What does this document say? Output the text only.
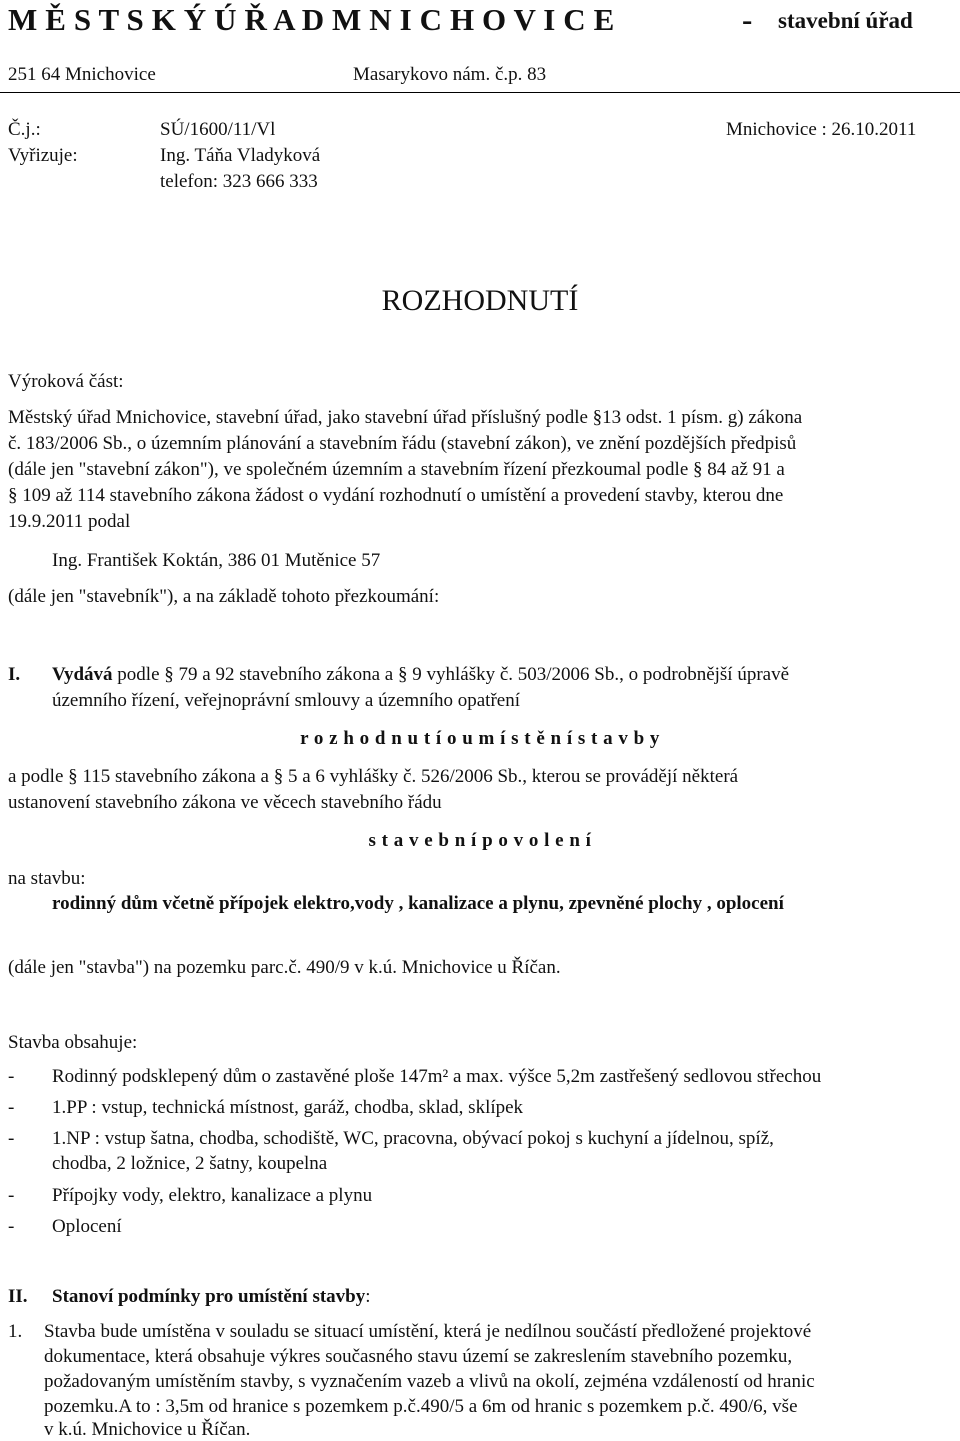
M Ě S T S K Ý Ú Ř A D M N I C H O V I C E	- stavební úřad
251 64 Mnichovice	Masarykovo nám. č.p. 83
Č.j.:	SÚ/1600/11/Vl	Mnichovice : 26.10.2011
Vyřizuje:	Ing. Táňa Vladyková
telefon: 323 666 333
ROZHODNUTÍ
Výroková část:
Městský úřad Mnichovice, stavební úřad, jako stavební úřad příslušný podle §13 odst. 1 písm. g) zákona
č. 183/2006 Sb., o územním plánování a stavebním řádu (stavební zákon), ve znění pozdějších předpisů
(dále jen "stavební zákon"), ve společném územním a stavebním řízení přezkoumal podle § 84 až 91 a
§ 109 až 114 stavebního zákona žádost o vydání rozhodnutí o umístění a provedení stavby, kterou dne
19.9.2011 podal
Ing. František Koktán, 386 01 Mutěnice 57
(dále jen "stavebník"), a na základě tohoto přezkoumání:
I. Vydává podle § 79 a 92 stavebního zákona a § 9 vyhlášky č. 503/2006 Sb., o podrobnější úpravě
územního řízení, veřejnoprávní smlouvy a územního opatření
r o z h o d n u t í o u m í s t ě n í s t a v b y
a podle § 115 stavebního zákona a § 5 a 6 vyhlášky č. 526/2006 Sb., kterou se provádějí některá
ustanovení stavebního zákona ve věcech stavebního řádu
s t a v e b n í p o v o l e n í
na stavbu:
rodinný dům včetně přípojek elektro,vody , kanalizace a plynu, zpevněné plochy , oplocení
(dále jen "stavba") na pozemku parc.č. 490/9 v k.ú. Mnichovice u Říčan.
Stavba obsahuje:
- Rodinný podsklepený dům o zastavěné ploše 147m² a max. výšce 5,2m zastřešený sedlovou střechou
- 1.PP : vstup, technická místnost, garáž, chodba, sklad, sklípek
- 1.NP : vstup šatna, chodba, schodiště, WC, pracovna, obývací pokoj s kuchyní a jídelnou, spíž,
chodba, 2 ložnice, 2 šatny, koupelna
- Přípojky vody, elektro, kanalizace a plynu
- Oplocení
II. Stanoví podmínky pro umístění stavby:
1. Stavba bude umístěna v souladu se situací umístění, která je nedílnou součástí předložené projektové
dokumentace, která obsahuje výkres současného stavu území se zakreslením stavebního pozemku,
požadovaným umístěním stavby, s vyznačením vazeb a vlivů na okolí, zejména vzdáleností od hranic
pozemku.A to : 3,5m od hranice s pozemkem p.č.490/5 a 6m od hranic s pozemkem p.č. 490/6, vše
v k.ú. Mnichovice u Říčan.
